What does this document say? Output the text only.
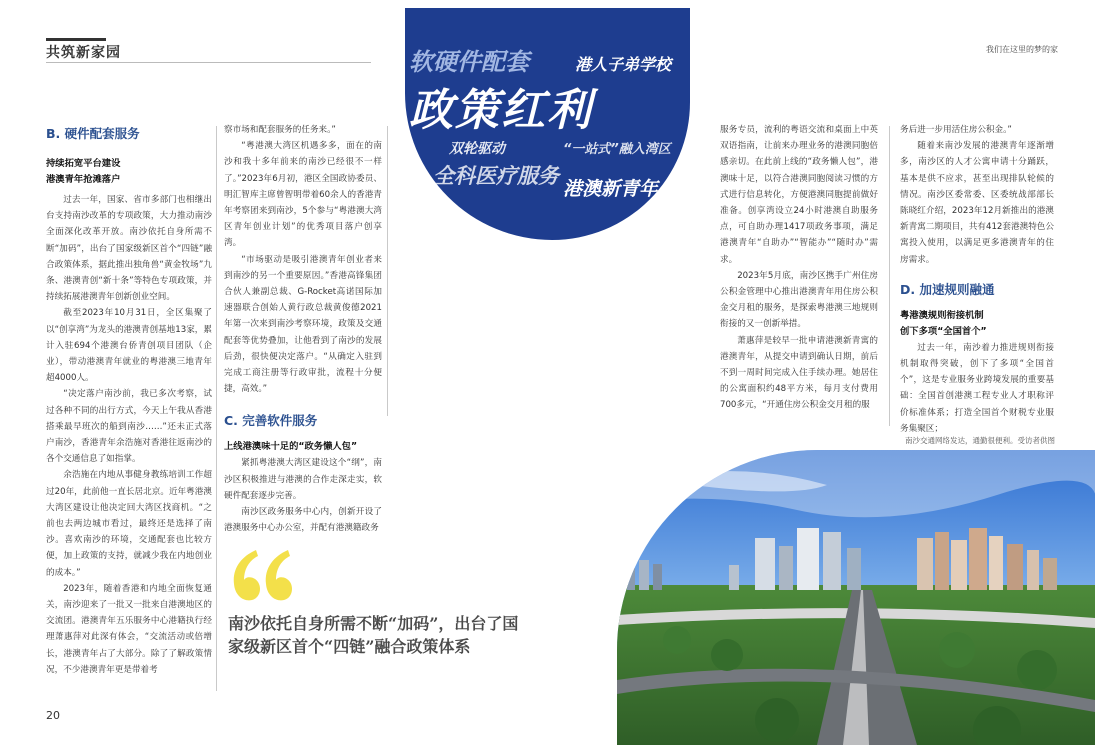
共筑新家园	我们在这里的梦的家
软硬件配套	港人子弟学校
政策红利
双轮驱动	“一站式”融入湾区
全科医疗服务
港澳新青年
B. 硬件配套服务
持续拓宽平台建设
港澳青年抢滩落户

过去一年，国家、省市多部门也相继出台支持南沙改革的专项政策，大力推动南沙全面深化改革开放。南沙依托自身所需不断“加码”，出台了国家级新区首个“四链”融合政策体系，据此推出独角兽“黄金牧场”九条、港澳青创“新十条”等特色专项政策，并持续拓展港澳青年创新创业空间。

截至2023年10月31日，全区集聚了以“创享湾”为龙头的港澳青创基地13家，累计入驻694个港澳台侨青创项目团队（企业），带动港澳青年就业的粤港澳三地青年超4000人。

“决定落户南沙前，我已多次考察，试过各种不同的出行方式，今天上午我从香港搭乘最早班次的船到南沙……”还未正式落户南沙，香港青年余浩施对香港往返南沙的各个交通信息了如指掌。

余浩施在内地从事健身教练培训工作超过20年，此前他一直长居北京。近年粤港澳大湾区建设让他决定回大湾区找商机。“之前也去两边城市看过，最终还是选择了南沙。喜欢南沙的环境，交通配套也比较方便，加上政策的支持，就减少我在内地创业的成本。”

2023年，随着香港和内地全面恢复通关，南沙迎来了一批又一批来自港澳地区的交流团。港澳青年五乐服务中心港籍执行经理萧惠萍对此深有体会，“交流活动或倍增长，港澳青年占了大部分。除了了解政策情况，不少港澳青年更是带着考

察市场和配套服务的任务来。”

“粤港澳大湾区机遇多多，面在的南沙和我十多年前来的南沙已经很不一样了。”2023年6月初，港区全国政协委员、明汇智库主席曾智明带着60余人的香港青年考察团来到南沙，5个参与“粤港澳大湾区青年创业计划”的优秀项目落户创享湾。

“市场驱动是吸引港澳青年创业者来到南沙的另一个重要原因。”香港高锋集团合伙人兼副总裁、G-Rocket高诺国际加速器联合创始人黄行政总裁黄俊德2021年第一次来到南沙考察环境，政策及交通配套等优势叠加，让他看到了南沙的发展后劲，很快便决定落户。“从确定入驻到完成工商注册等行政审批，流程十分便捷，高效。”

C. 完善软件服务
上线港澳味十足的“政务懒人包”

紧抓粤港澳大湾区建设这个“纲”，南沙区积极推进与港澳的合作走深走实，软硬件配套逐步完善。

南沙区政务服务中心内，创新开设了港澳服务中心办公室，并配有港澳籍政务

南沙依托自身所需不断“加码”，出台了国家级新区首个“四链”融合政策体系

服务专员，流利的粤语交流和桌面上中英双语指南，让前来办理业务的港澳同胞倍感亲切。在此前上线的“政务懒人包”，港澳味十足，以符合港澳同胞阅读习惯的方式进行信息转化，方便港澳同胞提前做好准备。创享湾设立24小时港澳自助服务点，可自助办理1417项政务事项，满足港澳青年“自助办”“智能办”“随时办”需求。

2023年5月底，南沙区携手广州住房公积金管理中心推出港澳青年用住房公积金交月租的服务，是探索粤港澳三地规则衔接的又一创新举措。

萧惠萍是较早一批申请港澳新青寓的港澳青年，从提交申请到确认日期，前后不到一周时间完成入住手续办理。她居住的公寓面积约48平方米，每月支付费用700多元，“开通住房公积金交月租的服

务后进一步用活住房公积金。”

随着来南沙发展的港澳青年逐渐增多，南沙区的人才公寓申请十分踊跃，基本是供不应求，甚至出现排队轮候的情况。南沙区委常委、区委统战部部长陈晓红介绍，2023年12月新推出的港澳新青寓二期项目，共有412套港澳特色公寓投入使用，以满足更多港澳青年的住房需求。

D. 加速规则融通
粤港澳规则衔接机制
创下多项“全国首个”

过去一年，南沙着力推进规则衔接机制取得突破，创下了多项“全国首个”，这是专业服务业跨境发展的重要基础：全国首创港澳工程专业人才职称评价标准体系；打造全国首个财税专业服务集聚区；

南沙交通网络发达，通勤很便利。受访者供图
20
